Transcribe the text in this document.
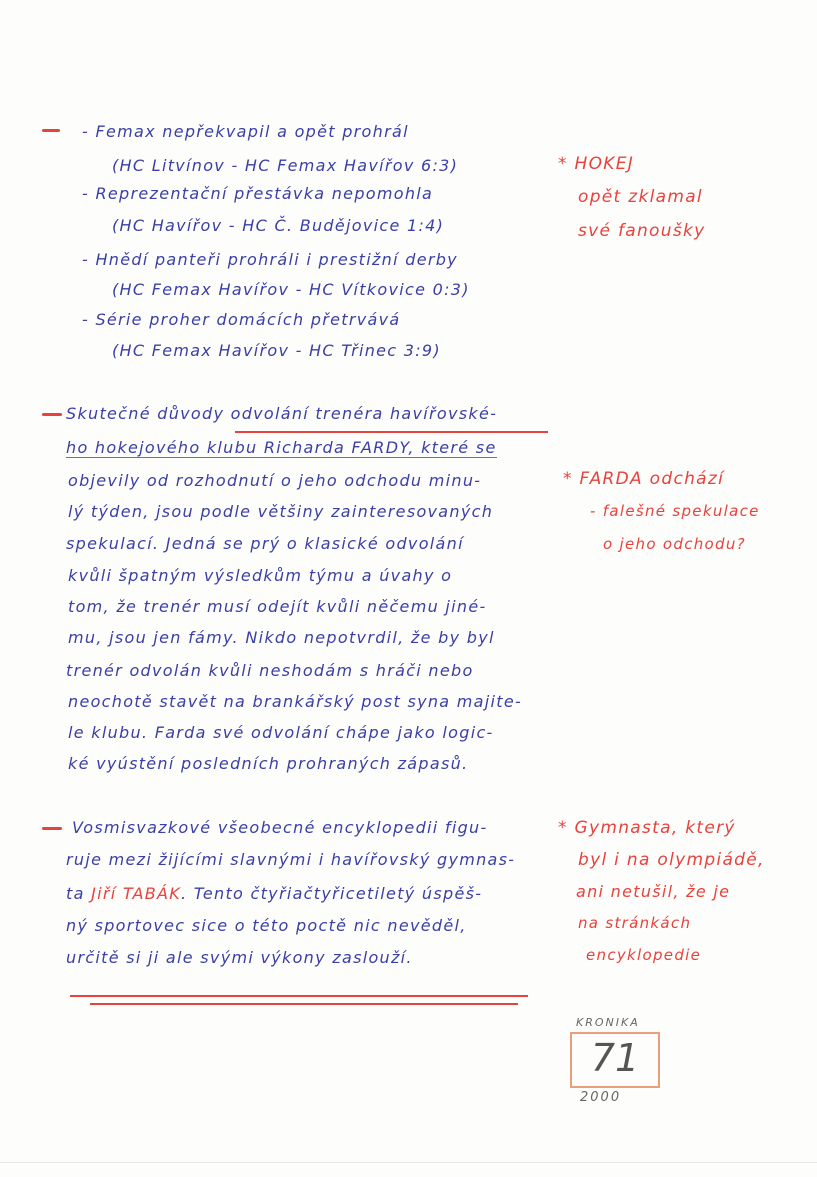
- Femax nepřekvapil a opět prohrál
(HC Litvínov - HC Femax Havířov 6:3)
- Reprezentační přestávka nepomohla
(HC Havířov - HC Č. Budějovice 1:4)
- Hnědí panteři prohráli i prestižní derby
(HC Femax Havířov - HC Vítkovice 0:3)
- Série proher domácích přetrvává
(HC Femax Havířov - HC Třinec 3:9)
* HOKEJ
opět zklamal
své fanoušky
Skutečné důvody odvolání trenéra havířovské-
ho hokejového klubu Richarda FARDY, které se
objevily od rozhodnutí o jeho odchodu minu-
lý týden, jsou podle většiny zainteresovaných
spekulací. Jedná se prý o klasické odvolání
kvůli špatným výsledkům týmu a úvahy o
tom, že trenér musí odejít kvůli něčemu jiné-
mu, jsou jen fámy. Nikdo nepotvrdil, že by byl
trenér odvolán kvůli neshodám s hráči nebo
neochotě stavět na brankářský post syna majite-
le klubu. Farda své odvolání chápe jako logic-
ké vyústění posledních prohraných zápasů.
* FARDA odchází
- falešné spekulace
o jeho odchodu?
Vosmisvazkové všeobecné encyklopedii figu-
ruje mezi žijícími slavnými i havířovský gymnas-
ta Jiří TABÁK. Tento čtyřiačtyřicetiletý úspěš-
ný sportovec sice o této poctě nic nevěděl,
určitě si ji ale svými výkony zaslouží.
* Gymnasta, který
byl i na olympiádě,
ani netušil, že je
na stránkách
encyklopedie
KRONIKA
71
2000
